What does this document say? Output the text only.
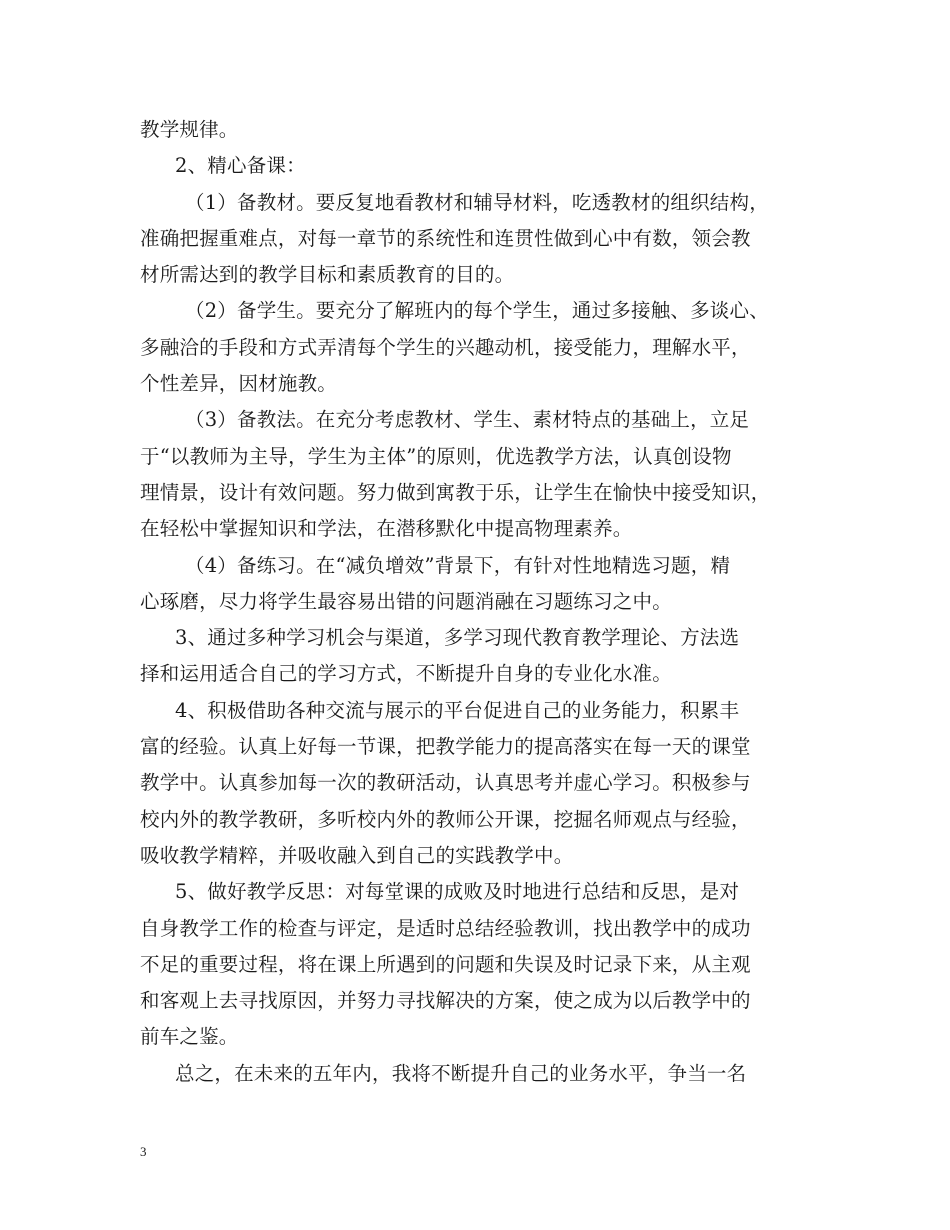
教学规律。
2、精心备课：
（1）备教材。要反复地看教材和辅导材料，吃透教材的组织结构，
准确把握重难点，对每一章节的系统性和连贯性做到心中有数，领会教
材所需达到的教学目标和素质教育的目的。
（2）备学生。要充分了解班内的每个学生，通过多接触、多谈心、
多融洽的手段和方式弄清每个学生的兴趣动机，接受能力，理解水平，
个性差异，因材施教。
（3）备教法。在充分考虑教材、学生、素材特点的基础上，立足
于“以教师为主导，学生为主体”的原则，优选教学方法，认真创设物
理情景，设计有效问题。努力做到寓教于乐，让学生在愉快中接受知识，
在轻松中掌握知识和学法，在潜移默化中提高物理素养。
（4）备练习。在“减负增效”背景下，有针对性地精选习题，精
心琢磨，尽力将学生最容易出错的问题消融在习题练习之中。
3、通过多种学习机会与渠道，多学习现代教育教学理论、方法选
择和运用适合自己的学习方式，不断提升自身的专业化水准。
4、积极借助各种交流与展示的平台促进自己的业务能力，积累丰
富的经验。认真上好每一节课，把教学能力的提高落实在每一天的课堂
教学中。认真参加每一次的教研活动，认真思考并虚心学习。积极参与
校内外的教学教研，多听校内外的教师公开课，挖掘名师观点与经验，
吸收教学精粹，并吸收融入到自己的实践教学中。
5、做好教学反思：对每堂课的成败及时地进行总结和反思，是对
自身教学工作的检查与评定，是适时总结经验教训，找出教学中的成功
不足的重要过程，将在课上所遇到的问题和失误及时记录下来，从主观
和客观上去寻找原因，并努力寻找解决的方案，使之成为以后教学中的
前车之鉴。
总之，在未来的五年内，我将不断提升自己的业务水平，争当一名
3
